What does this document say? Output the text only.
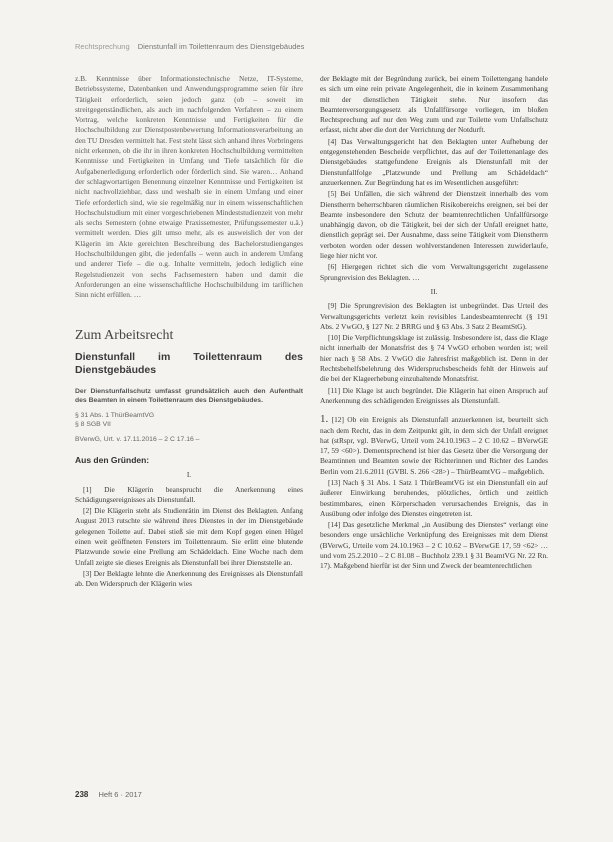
Rechtsprechung Dienstunfall im Toilettenraum des Dienstgebäudes

z.B. Kenntnisse über Informationstechnische Netze, IT-Systeme, Betriebssysteme, Datenbanken und Anwendungsprogramme seien für ihre Tätigkeit erforderlich, seien jedoch ganz (ob – soweit im streitgegenständlichen, als auch im nachfolgenden Verfahren – zu einem Vortrag, welche konkreten Kenntnisse und Fertigkeiten für die Hochschulbildung zur Dienstpostenbewertung Informationsverarbeitung an den TU Dresden vermittelt hat. Fest steht lässt sich anhand ihres Vorbringens nicht erkennen, ob die ihr in ihren konkreten Hochschulbildung vermittelten Kenntnisse und Fertigkeiten in Umfang und Tiefe tatsächlich für die Aufgabenerledigung erforderlich oder förderlich sind. Sie waren… Anhand der schlagwortartigen Benennung einzelner Kenntnisse und Fertigkeiten ist nicht nachvollziehbar, dass und weshalb sie in einem Umfang und einer Tiefe erforderlich sind, wie sie regelmäßig nur in einem wissenschaftlichen Hochschulstudium mit einer vorgeschriebenen Mindeststudienzeit von mehr als sechs Semestern (ohne etwaige Praxissemester, Prüfungssemester u.ä.) vermittelt werden. Dies gilt umso mehr, als es ausweislich der von der Klägerin im Akte gereichten Beschreibung des Bachelorstudienganges Hochschulbildungen gibt, die jedenfalls – wenn auch in anderem Umfang und anderer Tiefe – die o.g. Inhalte vermitteln, jedoch lediglich eine Regelstudienzeit von sechs Fachsemestern haben und damit die Anforderungen an eine wissenschaftliche Hochschulbildung im tariflichen Sinn nicht erfüllen. …

Zum Arbeitsrecht
Dienstunfall im Toilettenraum des Dienstgebäudes
Der Dienstunfallschutz umfasst grundsätzlich auch den Aufenthalt des Beamten in einem Toilettenraum des Dienstgebäudes.
§ 31 Abs. 1 ThürBeamtVG
§ 8 SGB VII
BVerwG, Urt. v. 17.11.2016 – 2 C 17.16 –
Aus den Gründen:
I.

[1] Die Klägerin beansprucht die Anerkennung eines Schädigungsereignisses als Dienstunfall.

[2] Die Klägerin steht als Studienrätin im Dienst des Beklagten. Anfang August 2013 rutschte sie während ihres Dienstes in der im Dienstgebäude gelegenen Toilette auf. Dabei stieß sie mit dem Kopf gegen einen Hügel einen weit geöffneten Fensters im Toilettenraum. Sie erlitt eine blutende Platzwunde sowie eine Prellung am Schädeldach. Eine Woche nach dem Unfall zeigte sie dieses Ereignis als Dienstunfall bei ihrer Dienststelle an.

[3] Der Beklagte lehnte die Anerkennung des Ereignisses als Dienstunfall ab. Den Widerspruch der Klägerin wies

der Beklagte mit der Begründung zurück, bei einem Toilettengang handele es sich um eine rein private Angelegenheit, die in keinem Zusammenhang mit der dienstlichen Tätigkeit stehe. Nur insofern das Beamtenversorgungsgesetz als Unfallfürsorge vorliegen, im bloßen Rechtsprechung auf nur den Weg zum und zur Toilette vom Unfallschutz erfasst, nicht aber die dort der Verrichtung der Notdurft.

[4] Das Verwaltungsgericht hat den Beklagten unter Aufhebung der entgegenstehenden Bescheide verpflichtet, das auf der Toilettenanlage des Dienstgebäudes stattgefundene Ereignis als Dienstunfall mit der Dienstunfallfolge „Platzwunde und Prellung am Schädeldach“ anzuerkennen. Zur Begründung hat es im Wesentlichen ausgeführt:

[5] Bei Unfällen, die sich während der Dienstzeit innerhalb des vom Dienstherrn beherrschbaren räumlichen Risikobereichs ereignen, sei bei der Beamte insbesondere den Schutz der beamtenrechtlichen Unfallfürsorge unabhängig davon, ob die Tätigkeit, bei der sich der Unfall ereignet hatte, dienstlich geprägt sei. Der Ausnahme, dass seine Tätigkeit vom Dienstherrn verboten worden oder dessen wohlverstandenen Interessen zuwiderlaufe, liege hier nicht vor.

[6] Hiergegen richtet sich die vom Verwaltungsgericht zugelassene Sprungrevision des Beklagten. …

II.

[9] Die Sprungrevision des Beklagten ist unbegründet. Das Urteil des Verwaltungsgerichts verletzt kein revisibles Landesbeamtenrecht (§ 191 Abs. 2 VwGO, § 127 Nr. 2 BRRG und § 63 Abs. 3 Satz 2 BeamtStG).

[10] Die Verpflichtungsklage ist zulässig. Insbesondere ist, dass die Klage nicht innerhalb der Monatsfrist des § 74 VwGO erhoben worden ist; weil hier nach § 58 Abs. 2 VwGO die Jahresfrist maßgeblich ist. Denn in der Rechtsbehelfsbelehrung des Widerspruchsbescheids fehlt der Hinweis auf die bei der Klageerhebung einzuhaltende Monatsfrist.

[11] Die Klage ist auch begründet. Die Klägerin hat einen Anspruch auf Anerkennung des schädigenden Ereignisses als Dienstunfall.

1. [12] Ob ein Ereignis als Dienstunfall anzuerkennen ist, beurteilt sich nach dem Recht, das in dem Zeitpunkt gilt, in dem sich der Unfall ereignet hat (stRspr, vgl. BVerwG, Urteil vom 24.10.1963 – 2 C 10.62 – BVerwGE 17, 59 <60>). Dementsprechend ist hier das Gesetz über die Versorgung der Beamtinnen und Beamten sowie der Richterinnen und Richter des Landes Berlin vom 21.6.2011 (GVBl. S. 266 <28>) – ThürBeamtVG – maßgeblich.

[13] Nach § 31 Abs. 1 Satz 1 ThürBeamtVG ist ein Dienstunfall ein auf äußerer Einwirkung beruhendes, plötzliches, örtlich und zeitlich bestimmbares, einen Körperschaden verursachendes Ereignis, das in Ausübung oder infolge des Dienstes eingetreten ist.

[14] Das gesetzliche Merkmal „in Ausübung des Dienstes“ verlangt eine besonders enge ursächliche Verknüpfung des Ereignisses mit dem Dienst (BVerwG, Urteile vom 24.10.1963 – 2 C 10.62 – BVerwGE 17, 59 <62> … und vom 25.2.2010 – 2 C 81.08 – Buchholz 239.1 § 31 BeamtVG Nr. 22 Rn. 17). Maßgebend hierfür ist der Sinn und Zweck der beamtenrechtlichen

238 Heft 6 · 2017
